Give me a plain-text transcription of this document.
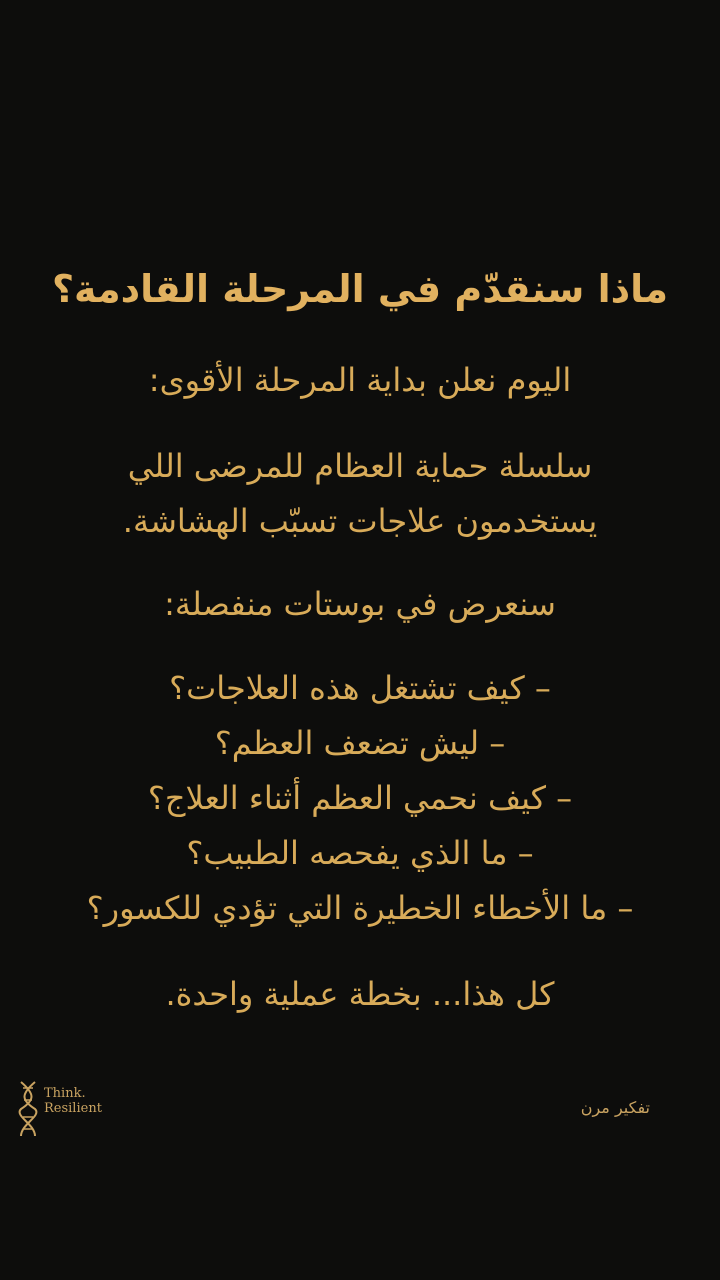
ماذا سنقدّم في المرحلة القادمة؟
اليوم نعلن بداية المرحلة الأقوى:
سلسلة حماية العظام للمرضى اللي
يستخدمون علاجات تسبّب الهشاشة.
سنعرض في بوستات منفصلة:
– كيف تشتغل هذه العلاجات؟
– ليش تضعف العظم؟
– كيف نحمي العظم أثناء العلاج؟
– ما الذي يفحصه الطبيب؟
– ما الأخطاء الخطيرة التي تؤدي للكسور؟
كل هذا... بخطة عملية واحدة.
Think.
Resilient	تفكير مرن
